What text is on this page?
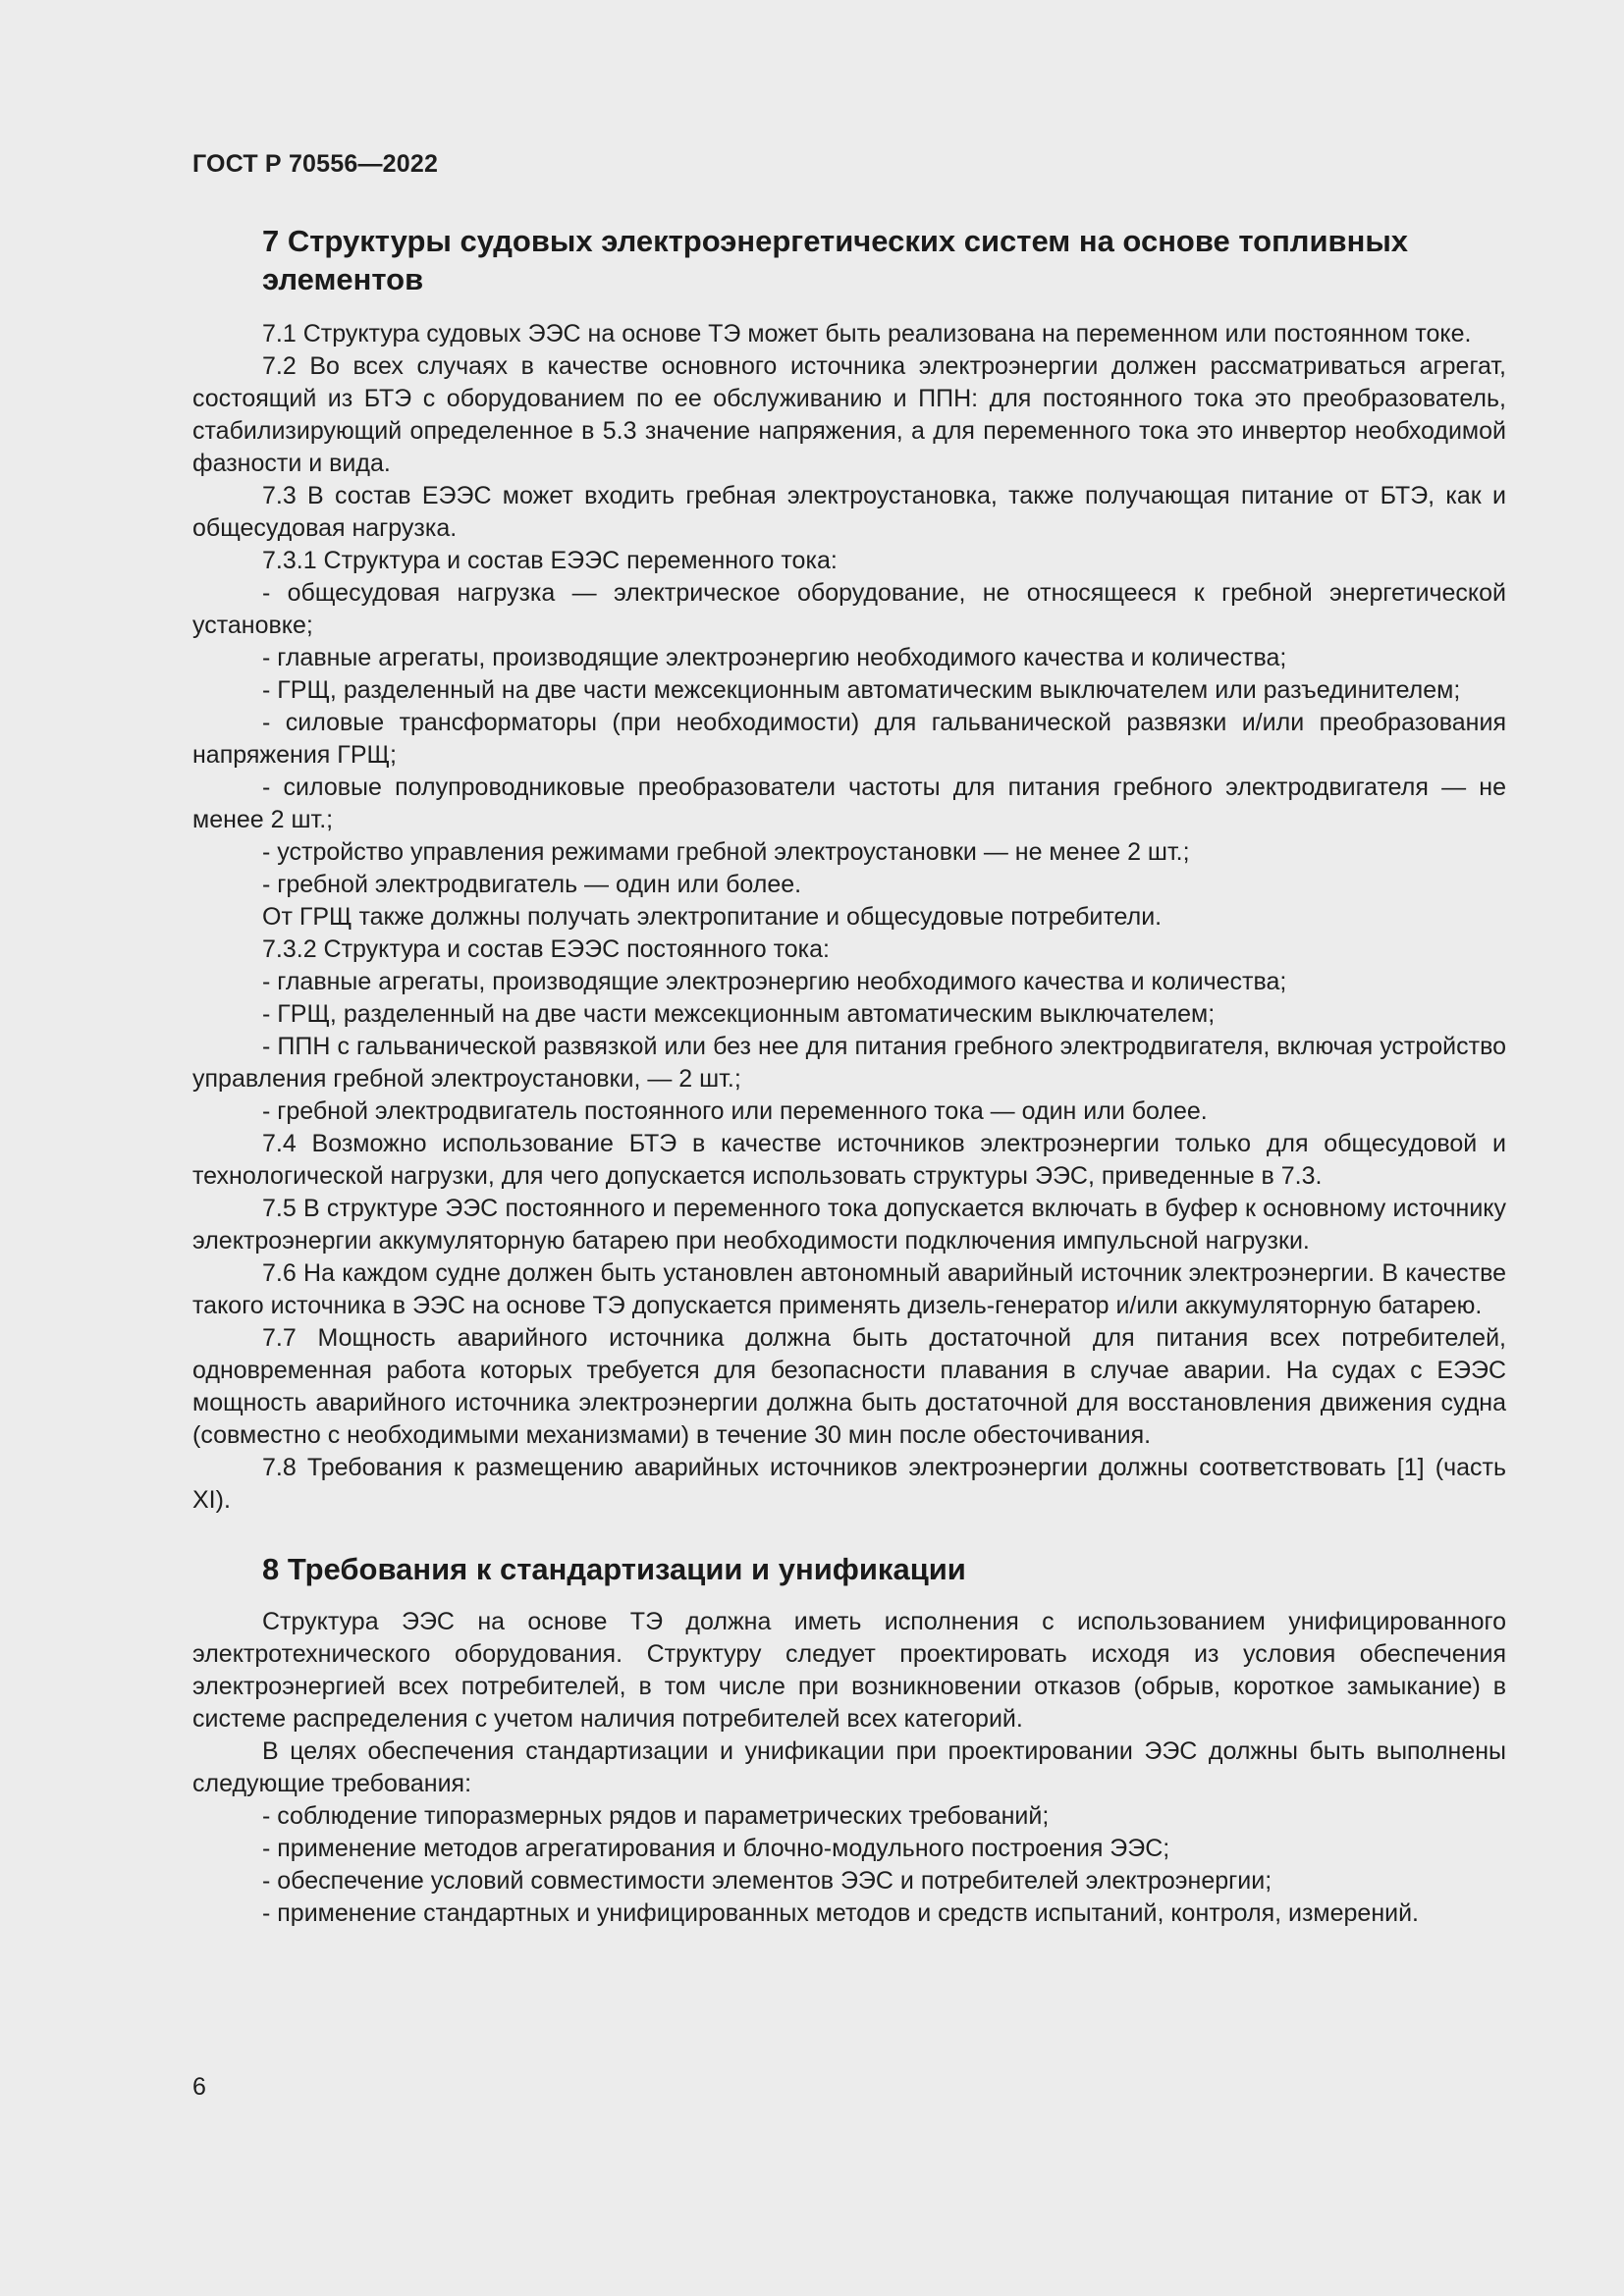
ГОСТ Р 70556—2022
7 Структуры судовых электроэнергетических систем на основе топливных элементов

7.1 Структура судовых ЭЭС на основе ТЭ может быть реализована на переменном или постоянном токе.

7.2 Во всех случаях в качестве основного источника электроэнергии должен рассматриваться агрегат, состоящий из БТЭ с оборудованием по ее обслуживанию и ППН: для постоянного тока это преобразователь, стабилизирующий определенное в 5.3 значение напряжения, а для переменного тока это инвертор необходимой фазности и вида.

7.3 В состав ЕЭЭС может входить гребная электроустановка, также получающая питание от БТЭ, как и общесудовая нагрузка.

7.3.1 Структура и состав ЕЭЭС переменного тока:

- общесудовая нагрузка — электрическое оборудование, не относящееся к гребной энергетической установке;

- главные агрегаты, производящие электроэнергию необходимого качества и количества;

- ГРЩ, разделенный на две части межсекционным автоматическим выключателем или разъединителем;

- силовые трансформаторы (при необходимости) для гальванической развязки и/или преобразования напряжения ГРЩ;

- силовые полупроводниковые преобразователи частоты для питания гребного электродвигателя — не менее 2 шт.;

- устройство управления режимами гребной электроустановки — не менее 2 шт.;

- гребной электродвигатель — один или более.

От ГРЩ также должны получать электропитание и общесудовые потребители.

7.3.2 Структура и состав ЕЭЭС постоянного тока:

- главные агрегаты, производящие электроэнергию необходимого качества и количества;

- ГРЩ, разделенный на две части межсекционным автоматическим выключателем;

- ППН с гальванической развязкой или без нее для питания гребного электродвигателя, включая устройство управления гребной электроустановки, — 2 шт.;

- гребной электродвигатель постоянного или переменного тока — один или более.

7.4 Возможно использование БТЭ в качестве источников электроэнергии только для общесудовой и технологической нагрузки, для чего допускается использовать структуры ЭЭС, приведенные в 7.3.

7.5 В структуре ЭЭС постоянного и переменного тока допускается включать в буфер к основному источнику электроэнергии аккумуляторную батарею при необходимости подключения импульсной нагрузки.

7.6 На каждом судне должен быть установлен автономный аварийный источник электроэнергии. В качестве такого источника в ЭЭС на основе ТЭ допускается применять дизель-генератор и/или аккумуляторную батарею.

7.7 Мощность аварийного источника должна быть достаточной для питания всех потребителей, одновременная работа которых требуется для безопасности плавания в случае аварии. На судах с ЕЭЭС мощность аварийного источника электроэнергии должна быть достаточной для восстановления движения судна (совместно с необходимыми механизмами) в течение 30 мин после обесточивания.

7.8 Требования к размещению аварийных источников электроэнергии должны соответствовать [1] (часть XI).

8 Требования к стандартизации и унификации

Структура ЭЭС на основе ТЭ должна иметь исполнения с использованием унифицированного электротехнического оборудования. Структуру следует проектировать исходя из условия обеспечения электроэнергией всех потребителей, в том числе при возникновении отказов (обрыв, короткое замыкание) в системе распределения с учетом наличия потребителей всех категорий.

В целях обеспечения стандартизации и унификации при проектировании ЭЭС должны быть выполнены следующие требования:

- соблюдение типоразмерных рядов и параметрических требований;

- применение методов агрегатирования и блочно-модульного построения ЭЭС;

- обеспечение условий совместимости элементов ЭЭС и потребителей электроэнергии;

- применение стандартных и унифицированных методов и средств испытаний, контроля, измерений.

6
